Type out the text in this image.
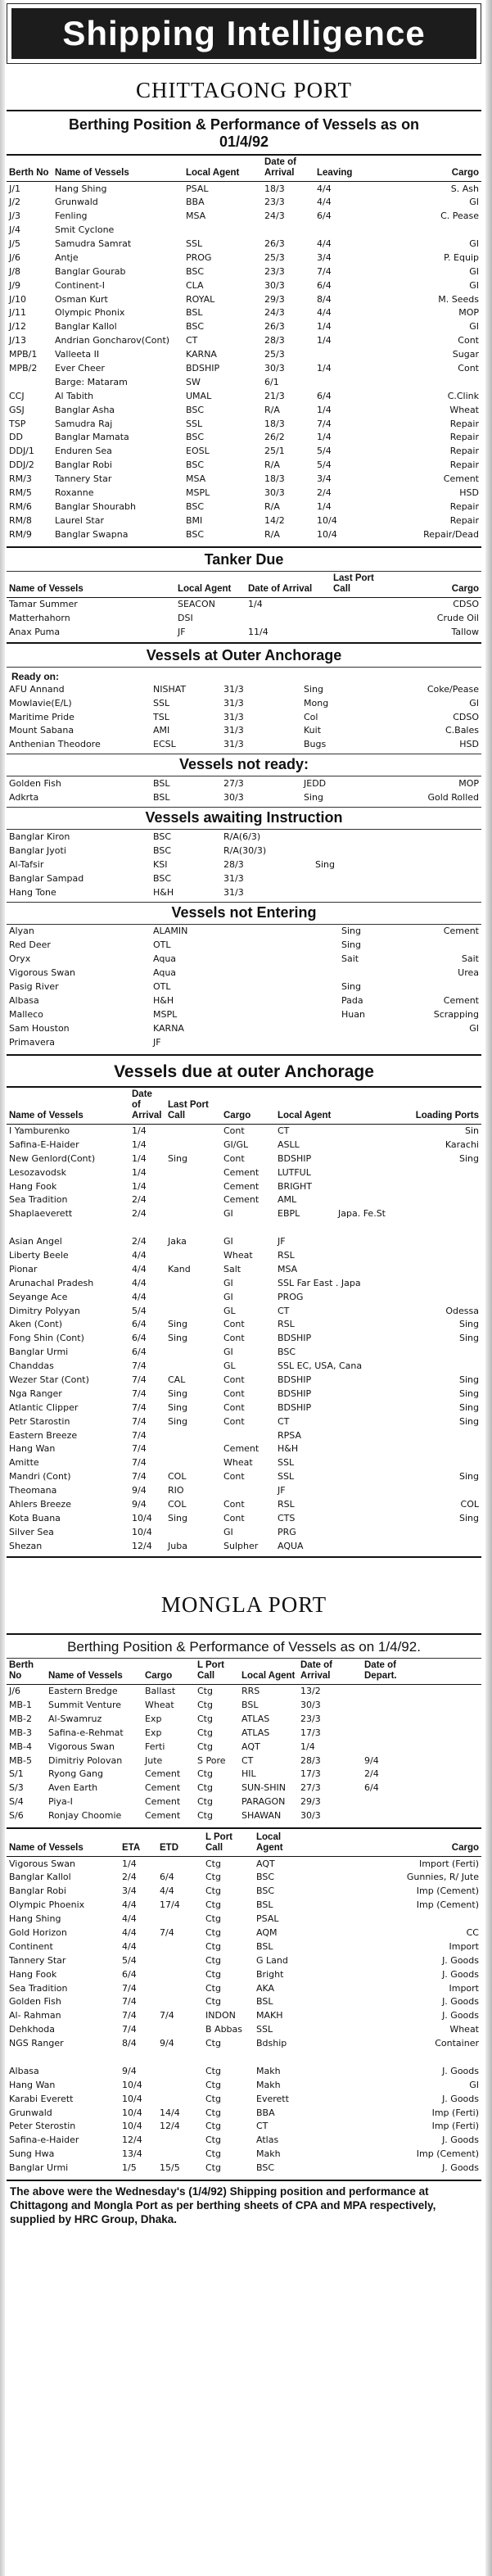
Shipping Intelligence
CHITTAGONG PORT
Berthing Position & Performance of Vessels as on
01/4/92
Berth No	Name of Vessels	Local Agent	Date of Arrival	Leaving	Cargo
J/1	Hang Shing	PSAL	18/3	4/4	S. Ash
J/2	Grunwald	BBA	23/3	4/4	GI
J/3	Fenling	MSA	24/3	6/4	C. Pease
J/4	Smit Cyclone				
J/5	Samudra Samrat	SSL	26/3	4/4	GI
J/6	Antje	PROG	25/3	3/4	P. Equip
J/8	Banglar Gourab	BSC	23/3	7/4	GI
J/9	Continent-I	CLA	30/3	6/4	GI
J/10	Osman Kurt	ROYAL	29/3	8/4	M. Seeds
J/11	Olympic Phonix	BSL	24/3	4/4	MOP
J/12	Banglar Kallol	BSC	26/3	1/4	GI
J/13	Andrian Goncharov(Cont)	CT	28/3	1/4	Cont
MPB/1	Valleeta II	KARNA	25/3		Sugar
MPB/2	Ever Cheer	BDSHIP	30/3	1/4	Cont
	Barge: Mataram	SW	6/1		
CCJ	Al Tabith	UMAL	21/3	6/4	C.Clink
GSJ	Banglar Asha	BSC	R/A	1/4	Wheat
TSP	Samudra Raj	SSL	18/3	7/4	Repair
DD	Banglar Mamata	BSC	26/2	1/4	Repair
DDJ/1	Enduren Sea	EOSL	25/1	5/4	Repair
DDJ/2	Banglar Robi	BSC	R/A	5/4	Repair
RM/3	Tannery Star	MSA	18/3	3/4	Cement
RM/5	Roxanne	MSPL	30/3	2/4	HSD
RM/6	Banglar Shourabh	BSC	R/A	1/4	Repair
RM/8	Laurel Star	BMI	14/2	10/4	Repair
RM/9	Banglar Swapna	BSC	R/A	10/4	Repair/Dead
Tanker Due
Name of Vessels	Local Agent	Date of Arrival	Last Port Call	Cargo
Tamar Summer	SEACON	1/4		CDSO
Matterhahorn	DSI			Crude Oil
Anax Puma	JF	11/4		Tallow
Vessels at Outer Anchorage
Ready on:
AFU Annand	NISHAT	31/3	Sing	Coke/Pease
Mowlavie(E/L)	SSL	31/3	Mong	GI
Maritime Pride	TSL	31/3	Col	CDSO
Mount Sabana	AMI	31/3	Kuit	C.Bales
Anthenian Theodore	ECSL	31/3	Bugs	HSD
Vessels not ready:
Golden Fish	BSL	27/3	JEDD	MOP
Adkrta	BSL	30/3	Sing	Gold Rolled
Vessels awaiting Instruction
Banglar Kiron	BSC	R/A(6/3)		
Banglar Jyoti	BSC	R/A(30/3)		
Al-Tafsir	KSI	28/3	Sing	
Banglar Sampad	BSC	31/3		
Hang Tone	H&H	31/3		
Vessels not Entering
Alyan	ALAMIN		Sing	Cement
Red Deer	OTL		Sing	
Oryx	Aqua		Sait	Sait
Vigorous Swan	Aqua			Urea
Pasig River	OTL		Sing	
Albasa	H&H		Pada	Cement
Malleco	MSPL		Huan	Scrapping
Sam Houston	KARNA			GI
Primavera	JF			
Vessels due at outer Anchorage
Name of Vessels	Date of Arrival	Last Port Call	Cargo	Local Agent		Loading Ports
I Yamburenko	1/4		Cont	CT		Sin
Safina-E-Haider	1/4		GI/GL	ASLL		Karachi
New Genlord(Cont)	1/4	Sing	Cont	BDSHIP		Sing
Lesozavodsk	1/4		Cement	LUTFUL		
Hang Fook	1/4		Cement	BRIGHT		
Sea Tradition	2/4		Cement	AML		
Shaplaeverett	2/4		GI	EBPL	Japa. Fe.St	

Asian Angel	2/4	Jaka	GI	JF		
Liberty Beele	4/4		Wheat	RSL		
Pionar	4/4	Kand	Salt	MSA		
Arunachal Pradesh	4/4		GI	SSL Far East . Japa		
Seyange Ace	4/4		GI	PROG		
Dimitry Polyyan	5/4		GL	CT		Odessa
Aken (Cont)	6/4	Sing	Cont	RSL		Sing
Fong Shin (Cont)	6/4	Sing	Cont	BDSHIP		Sing
Banglar Urmi	6/4		GI	BSC		
Chanddas	7/4		GL	SSL EC, USA, Cana		
Wezer Star (Cont)	7/4	CAL	Cont	BDSHIP		Sing
Nga Ranger	7/4	Sing	Cont	BDSHIP		Sing
Atlantic Clipper	7/4	Sing	Cont	BDSHIP		Sing
Petr Starostin	7/4	Sing	Cont	CT		Sing
Eastern Breeze	7/4			RPSA		
Hang Wan	7/4		Cement	H&H		
Amitte	7/4		Wheat	SSL		
Mandri (Cont)	7/4	COL	Cont	SSL		Sing
Theomana	9/4	RIO		JF		
Ahlers Breeze	9/4	COL	Cont	RSL		COL
Kota Buana	10/4	Sing	Cont	CTS		Sing
Silver Sea	10/4		GI	PRG		
Shezan	12/4	Juba	Sulpher	AQUA		
MONGLA PORT
Berthing Position & Performance of Vessels as on 1/4/92.
Berth No	Name of Vessels	Cargo	L Port Call	Local Agent	Date of Arrival	Date of Depart.	
J/6	Eastern Bredge	Ballast	Ctg	RRS	13/2		
MB-1	Summit Venture	Wheat	Ctg	BSL	30/3		
MB-2	Al-Swamruz	Exp	Ctg	ATLAS	23/3		
MB-3	Safina-e-Rehmat	Exp	Ctg	ATLAS	17/3		
MB-4	Vigorous Swan	Ferti	Ctg	AQT	1/4		
MB-5	Dimitriy Polovan	Jute	S Pore	CT	28/3	9/4	
S/1	Ryong Gang	Cement	Ctg	HIL	17/3	2/4	
S/3	Aven Earth	Cement	Ctg	SUN-SHIN	27/3	6/4	
S/4	Piya-I	Cement	Ctg	PARAGON	29/3		
S/6	Ronjay Choomie	Cement	Ctg	SHAWAN	30/3		
Name of Vessels	ETA	ETD	L Port Call	Local Agent		Cargo
Vigorous Swan	1/4		Ctg	AQT		Import (Ferti)
Banglar Kallol	2/4	6/4	Ctg	BSC		Gunnies, R/ Jute
Banglar Robi	3/4	4/4	Ctg	BSC		Imp (Cement)
Olympic Phoenix	4/4	17/4	Ctg	BSL		Imp (Cement)
Hang Shing	4/4		Ctg	PSAL		
Gold Horizon	4/4	7/4	Ctg	AQM		CC
Continent	4/4		Ctg	BSL		Import
Tannery Star	5/4		Ctg	G Land		J. Goods
Hang Fook	6/4		Ctg	Bright		J. Goods
Sea Tradition	7/4		Ctg	AKA		Import
Golden Fish	7/4		Ctg	BSL		J. Goods
Al- Rahman	7/4	7/4	INDON	MAKH		J. Goods
Dehkhoda	7/4		B Abbas	SSL		Wheat
NGS Ranger	8/4	9/4	Ctg	Bdship		Container

Albasa	9/4		Ctg	Makh		J. Goods
Hang Wan	10/4		Ctg	Makh		GI
Karabi Everett	10/4		Ctg	Everett		J. Goods
Grunwald	10/4	14/4	Ctg	BBA		Imp (Ferti)
Peter Sterostin	10/4	12/4	Ctg	CT		Imp (Ferti)
Safina-e-Haider	12/4		Ctg	Atlas		J. Goods
Sung Hwa	13/4		Ctg	Makh		Imp (Cement)
Banglar Urmi	1/5	15/5	Ctg	BSC		J. Goods
The above were the Wednesday's (1/4/92) Shipping position and performance at Chittagong and Mongla Port as per berthing sheets of CPA and MPA respectively, supplied by HRC Group, Dhaka.
